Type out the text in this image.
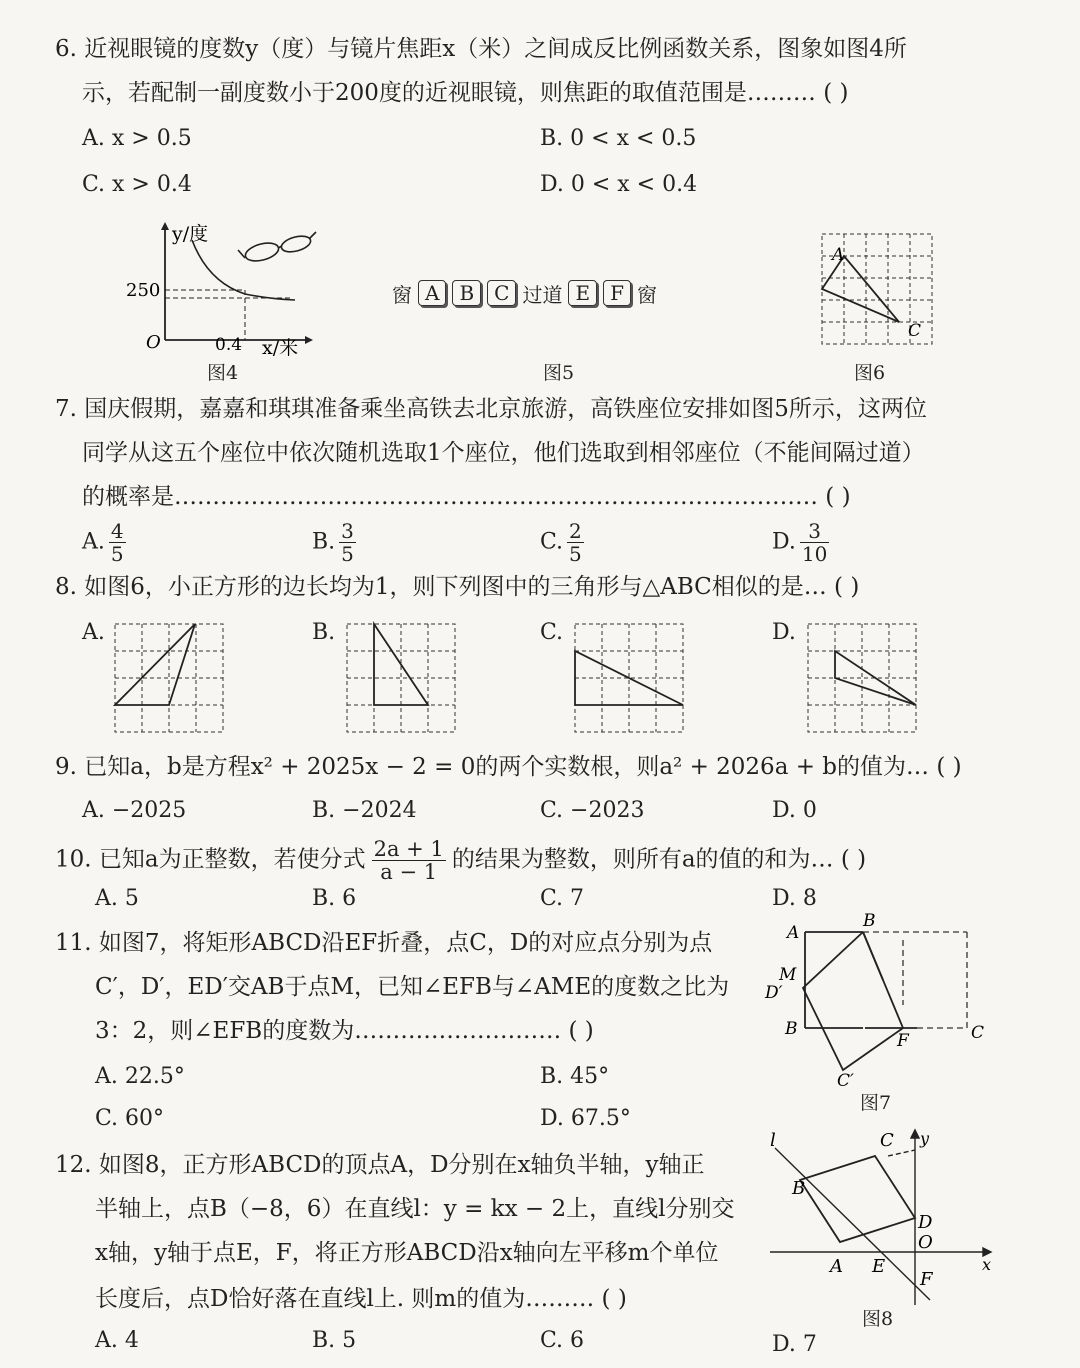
6. 近视眼镜的度数y（度）与镜片焦距x（米）之间成反比例函数关系，图象如图4所
示，若配制一副度数小于200度的近视眼镜，则焦距的取值范围是……… ( )
A. x > 0.5	B. 0 < x < 0.5
C. x > 0.4	D. 0 < x < 0.4
250
O	0.4
y/度
x/米
图4
窗 A	B	C 过道 E	F 窗
图5
A
C
图6
7. 国庆假期，嘉嘉和琪琪准备乘坐高铁去北京旅游，高铁座位安排如图5所示，这两位
同学从这五个座位中依次随机选取1个座位，他们选取到相邻座位（不能间隔过道）
的概率是………………………………………………………………………… ( )
A. $\frac{4}{5}$	B. $\frac{3}{5}$	C. $\frac{2}{5}$	D. $\frac{3}{10}$
8. 如图6，小正方形的边长均为1，则下列图中的三角形与△ABC相似的是… ( )
A.	B.	C.	D.
9. 已知a，b是方程x² + 2025x − 2 = 0的两个实数根，则a² + 2026a + b的值为… ( )
A. −2025	B. −2024	C. −2023	D. 0
10. 已知a为正整数，若使分式 $\frac{2a + 1}{a - 1}$ 的结果为整数，则所有a的值的和为… ( )
A. 5	B. 6	C. 7	D. 8
11. 如图7，将矩形ABCD沿EF折叠，点C，D的对应点分别为点
C′，D′，ED′交AB于点M，已知∠EFB与∠AME的度数之比为
3：2，则∠EFB的度数为……………………… ( )
A. 22.5°	B. 45°
C. 60°	D. 67.5°
A
B
M
D′
B
F	C
C′
图7
12. 如图8，正方形ABCD的顶点A，D分别在x轴负半轴，y轴正
半轴上，点B（−8，6）在直线l：y = kx − 2上，直线l分别交
x轴，y轴于点E，F，将正方形ABCD沿x轴向左平移m个单位
长度后，点D恰好落在直线l上. 则m的值为……… ( )
A. 4	B. 5	C. 6	D. 7
l	C y
B
D
O
A E
F
x
图8
